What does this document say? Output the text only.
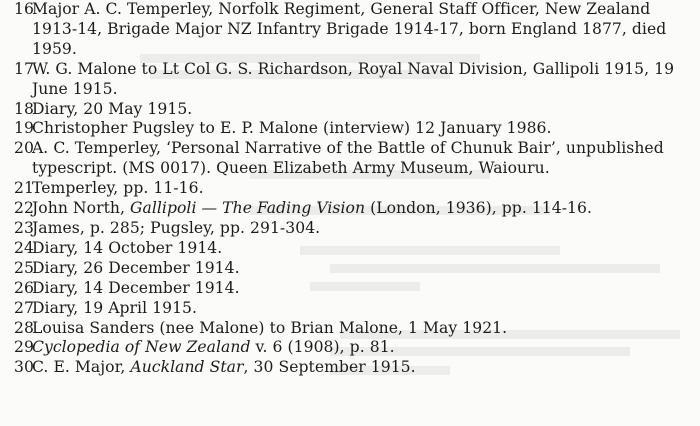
16
Major A. C. Temperley, Norfolk Regiment, General Staff Officer, New Zealand 1913-14, Brigade Major NZ Infantry Brigade 1914-17, born England 1877, died 1959.
17
W. G. Malone to Lt Col G. S. Richardson, Royal Naval Division, Gallipoli 1915, 19 June 1915.
18
Diary, 20 May 1915.
19
Christopher Pugsley to E. P. Malone (interview) 12 January 1986.
20
A. C. Temperley, ‘Personal Narrative of the Battle of Chunuk Bair’, unpublished typescript. (MS 0017). Queen Elizabeth Army Museum, Waiouru.
21
Temperley, pp. 11-16.
22
John North, Gallipoli — The Fading Vision (London, 1936), pp. 114-16.
23
James, p. 285; Pugsley, pp. 291-304.
24
Diary, 14 October 1914.
25
Diary, 26 December 1914.
26
Diary, 14 December 1914.
27
Diary, 19 April 1915.
28
Louisa Sanders (nee Malone) to Brian Malone, 1 May 1921.
29
Cyclopedia of New Zealand v. 6 (1908), p. 81.
30
C. E. Major, Auckland Star, 30 September 1915.
